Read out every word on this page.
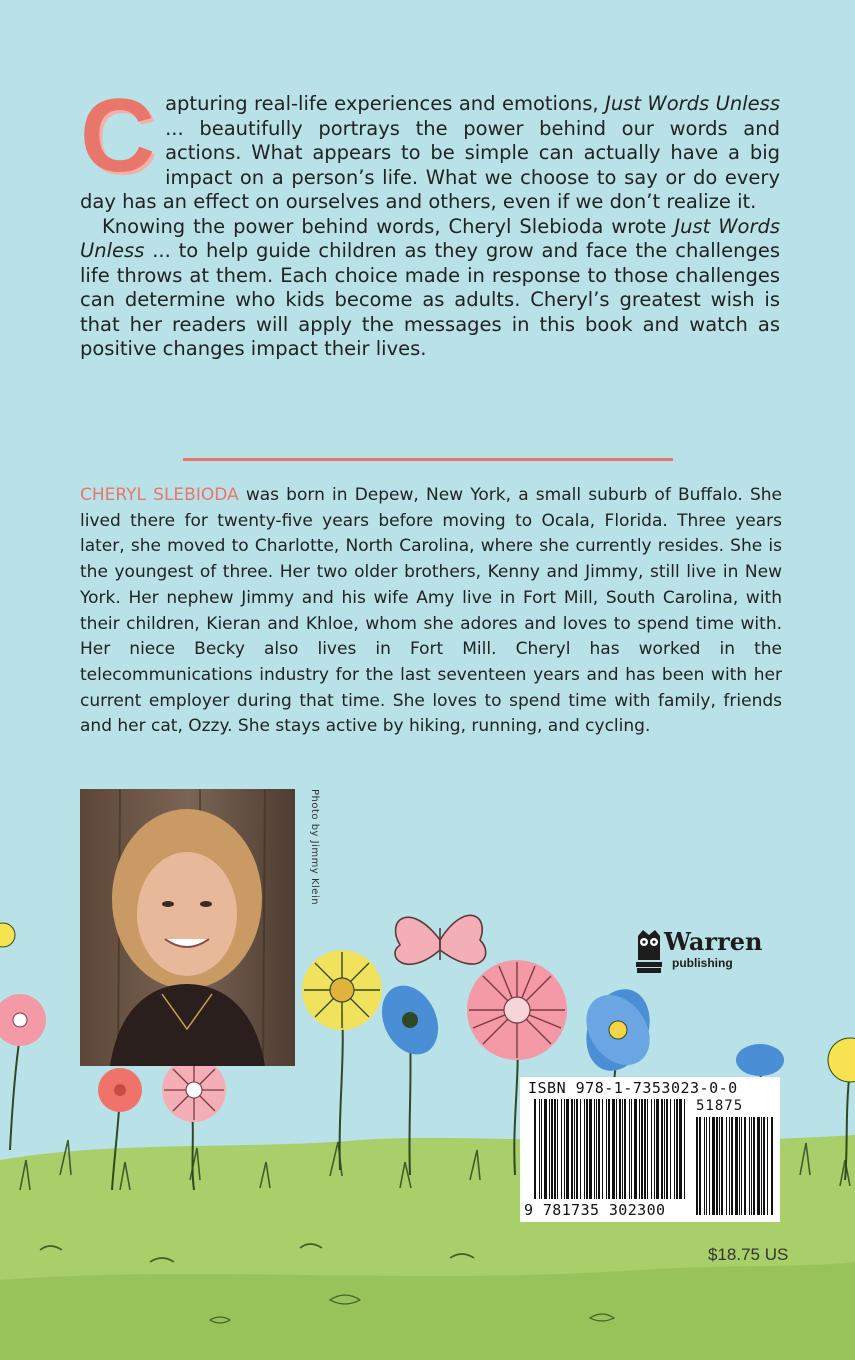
Capturing real-life experiences and emotions, Just Words Unless ... beautifully portrays the power behind our words and actions. What appears to be simple can actually have a big impact on a person’s life. What we choose to say or do every day has an effect on ourselves and others, even if we don’t realize it.

Knowing the power behind words, Cheryl Slebioda wrote Just Words Unless ... to help guide children as they grow and face the challenges life throws at them. Each choice made in response to those challenges can determine who kids become as adults. Cheryl’s greatest wish is that her readers will apply the messages in this book and watch as positive changes impact their lives.

CHERYL SLEBIODA was born in Depew, New York, a small suburb of Buffalo. She lived there for twenty-five years before moving to Ocala, Florida. Three years later, she moved to Charlotte, North Carolina, where she currently resides. She is the youngest of three. Her two older brothers, Kenny and Jimmy, still live in New York. Her nephew Jimmy and his wife Amy live in Fort Mill, South Carolina, with their children, Kieran and Khloe, whom she adores and loves to spend time with. Her niece Becky also lives in Fort Mill. Cheryl has worked in the telecommunications industry for the last seventeen years and has been with her current employer during that time. She loves to spend time with family, friends and her cat, Ozzy. She stays active by hiking, running, and cycling.

Photo by Jimmy Klein
Warren
publishing
ISBN 978-1-7353023-0-0
51875
9 781735 302300
$18.75 US
